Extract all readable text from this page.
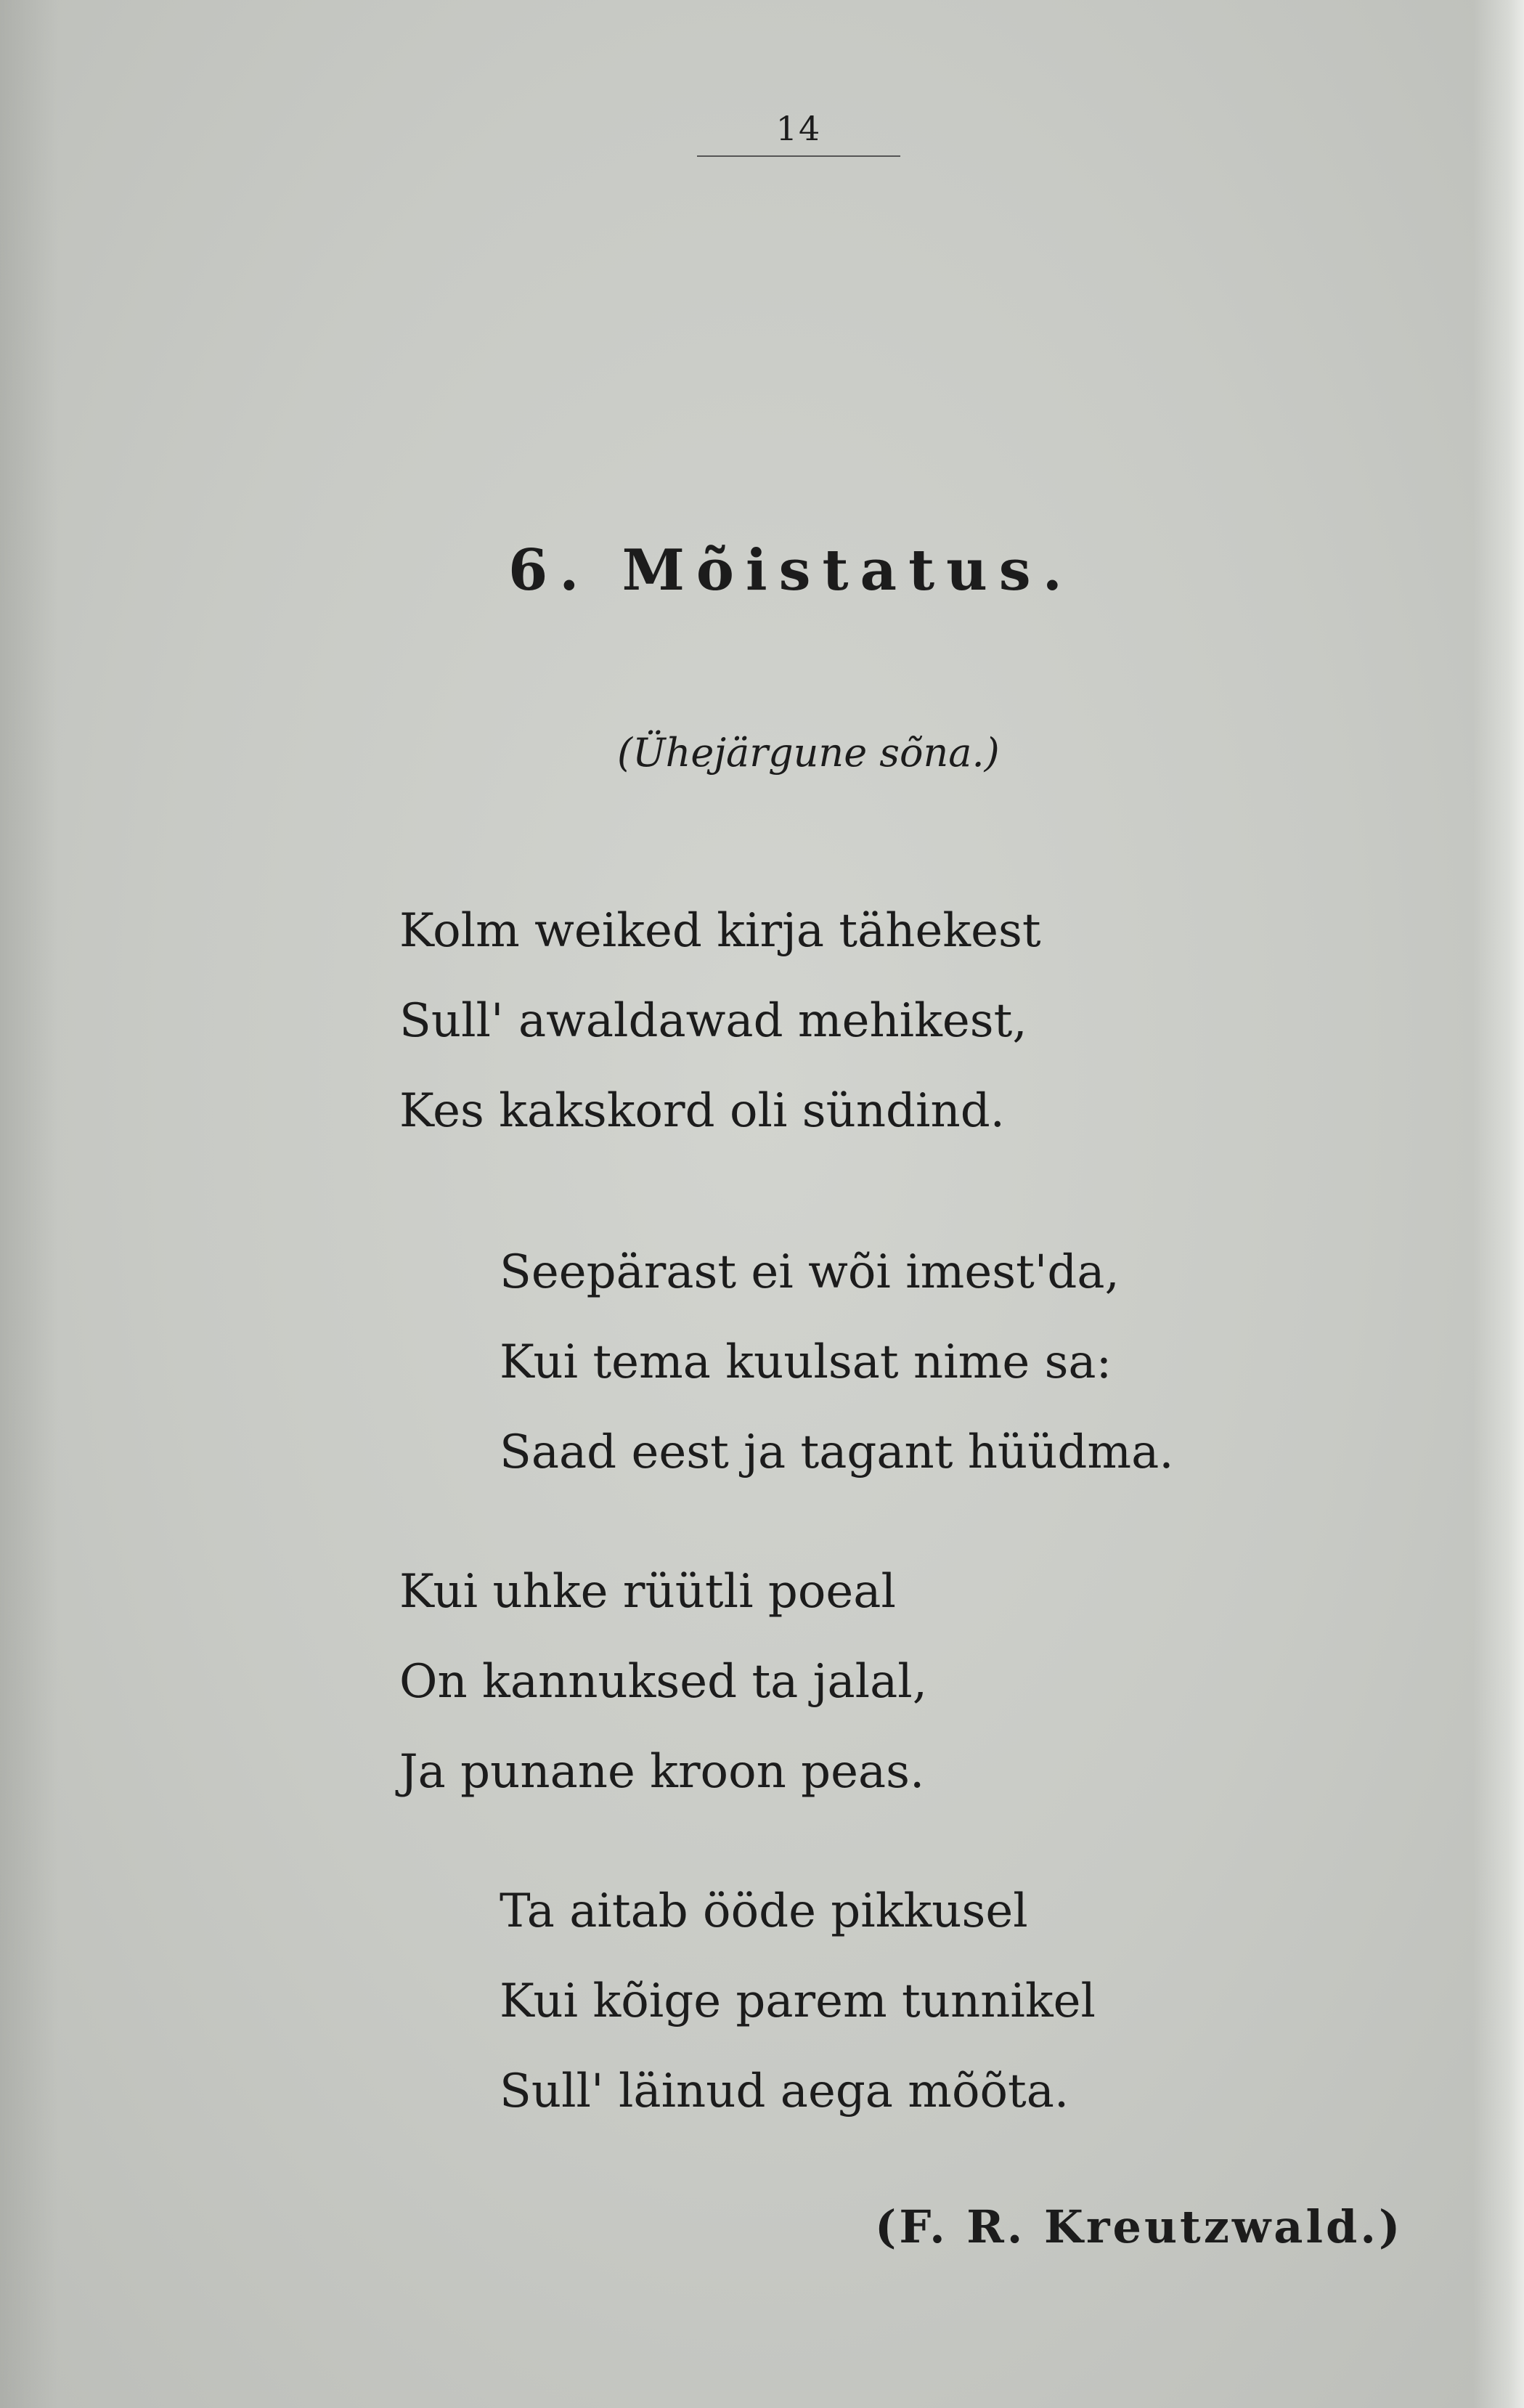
14
6. Mõistatus.
(Ühejärgune sõna.)
Kolm weiked kirja tähekest
Sull' awaldawad mehikest,
Kes kakskord oli sündind.
Seepärast ei wõi imest'da,
Kui tema kuulsat nime sa:
Saad eest ja tagant hüüdma.
Kui uhke rüütli poeal
On kannuksed ta jalal,
Ja punane kroon peas.
Ta aitab ööde pikkusel
Kui kõige parem tunnikel
Sull' läinud aega mõõta.
(F. R. Kreutzwald.)
